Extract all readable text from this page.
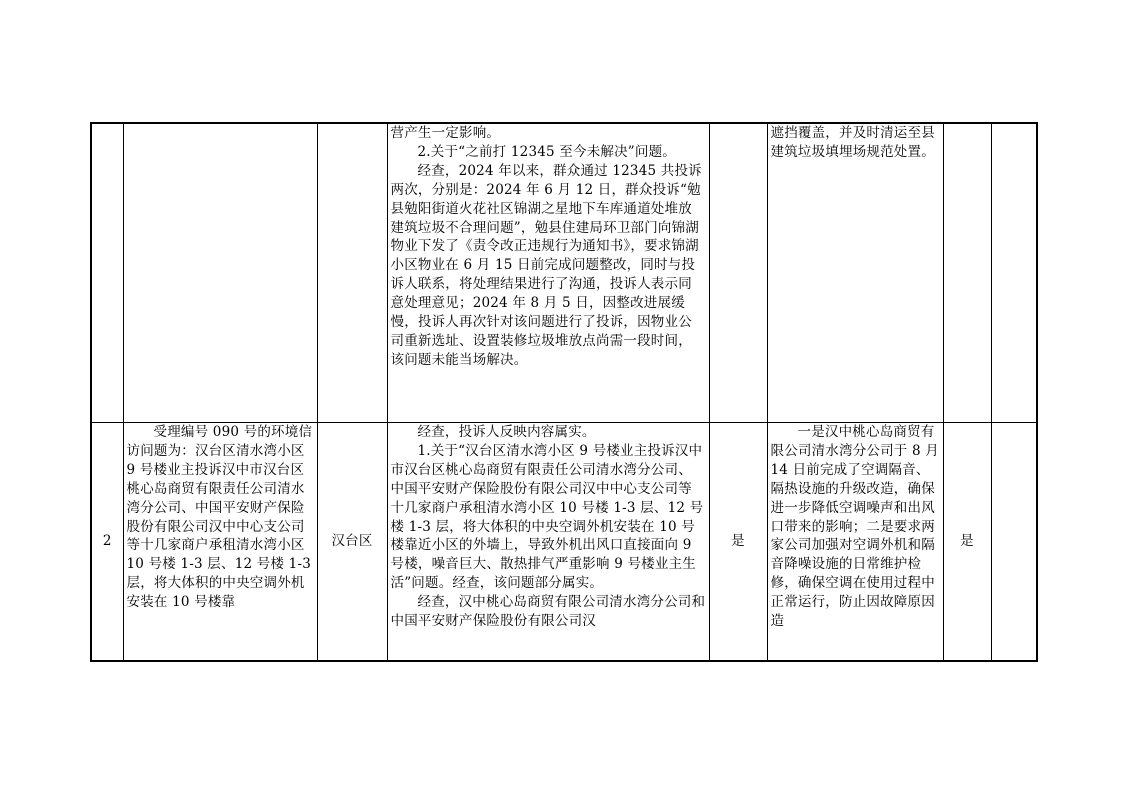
			营产生一定影响。

2.关于“之前打 12345 至今未解决”问题。

经查，2024 年以来，群众通过 12345 共投诉两次，分别是：2024 年 6 月 12 日，群众投诉“勉县勉阳街道火花社区锦湖之星地下车库通道处堆放建筑垃圾不合理问题”，勉县住建局环卫部门向锦湖物业下发了《责令改正违规行为通知书》，要求锦湖小区物业在 6 月 15 日前完成问题整改，同时与投诉人联系，将处理结果进行了沟通，投诉人表示同意处理意见；2024 年 8 月 5 日，因整改进展缓慢，投诉人再次针对该问题进行了投诉，因物业公司重新选址、设置装修垃圾堆放点尚需一段时间，该问题未能当场解决。		遮挡覆盖，并及时清运至县建筑垃圾填埋场规范处置。		

2	受理编号 090 号的环境信访问题为：汉台区清水湾小区 9 号楼业主投诉汉中市汉台区桃心岛商贸有限责任公司清水湾分公司、中国平安财产保险股份有限公司汉中中心支公司等十几家商户承租清水湾小区 10 号楼 1-3 层、12 号楼 1-3 层，将大体积的中央空调外机安装在 10 号楼靠	汉台区	经查，投诉人反映内容属实。

1.关于“汉台区清水湾小区 9 号楼业主投诉汉中市汉台区桃心岛商贸有限责任公司清水湾分公司、中国平安财产保险股份有限公司汉中中心支公司等十几家商户承租清水湾小区 10 号楼 1-3 层、12 号楼 1-3 层，将大体积的中央空调外机安装在 10 号楼靠近小区的外墙上，导致外机出风口直接面向 9 号楼，噪音巨大、散热排气严重影响 9 号楼业主生活”问题。经查，该问题部分属实。

经查，汉中桃心岛商贸有限公司清水湾分公司和中国平安财产保险股份有限公司汉	是	一是汉中桃心岛商贸有限公司清水湾分公司于 8 月 14 日前完成了空调隔音、隔热设施的升级改造，确保进一步降低空调噪声和出风口带来的影响；二是要求两家公司加强对空调外机和隔音降噪设施的日常维护检修，确保空调在使用过程中正常运行，防止因故障原因造	是	
